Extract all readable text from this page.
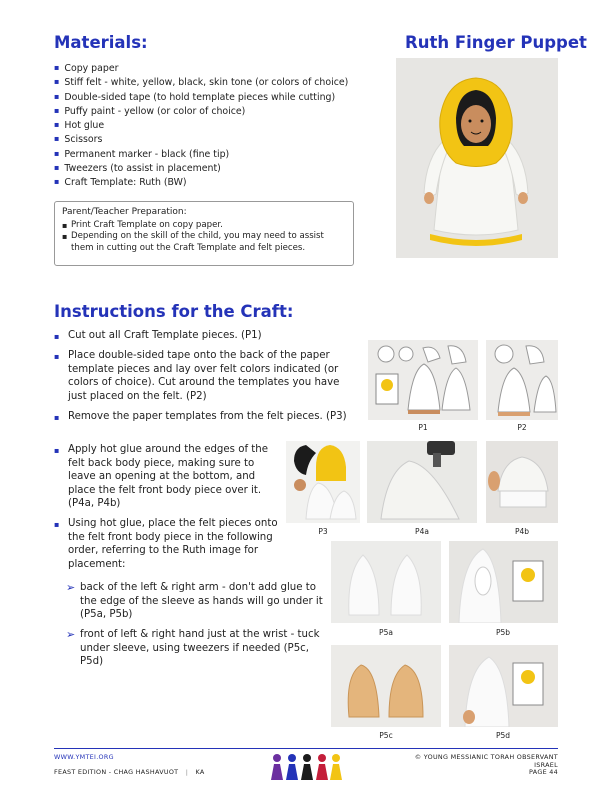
Materials:	Ruth Finger Puppet
▪ Copy paper
▪ Stiff felt - white, yellow, black, skin tone (or colors of choice)
▪ Double-sided tape (to hold template pieces while cutting)
▪ Puffy paint - yellow (or color of choice)
▪ Hot glue
▪ Scissors
▪ Permanent marker - black (fine tip)
▪ Tweezers (to assist in placement)
▪ Craft Template: Ruth (BW)
Parent/Teacher Preparation:
▪ Print Craft Template on copy paper.
▪ Depending on the skill of the child, you may need to assist them in cutting out the Craft Template and felt pieces.
Instructions for the Craft:
▪ Cut out all Craft Template pieces. (P1)
▪ Place double-sided tape onto the back of the paper template pieces and lay over felt colors indicated (or colors of choice). Cut around the templates you have just placed on the felt. (P2)
▪ Remove the paper templates from the felt pieces. (P3)
▪ Apply hot glue around the edges of the felt back body piece, making sure to leave an opening at the bottom, and place the felt front body piece over it. (P4a, P4b)
▪ Using hot glue, place the felt pieces onto the felt front body piece in the following order, referring to the Ruth image for placement:
➢ back of the left & right arm - don't add glue to the edge of the sleeve as hands will go under it (P5a, P5b)
➢ front of left & right hand just at the wrist - tuck under sleeve, using tweezers if needed (P5c, P5d)
P1	P2
P3	P4a	P4b
P5a	P5b
P5c	P5d
WWW.YMTEI.ORG
FEAST EDITION - CHAG HASHAVUOT | KA
© YOUNG MESSIANIC TORAH OBSERVANT ISRAEL
PAGE 44
